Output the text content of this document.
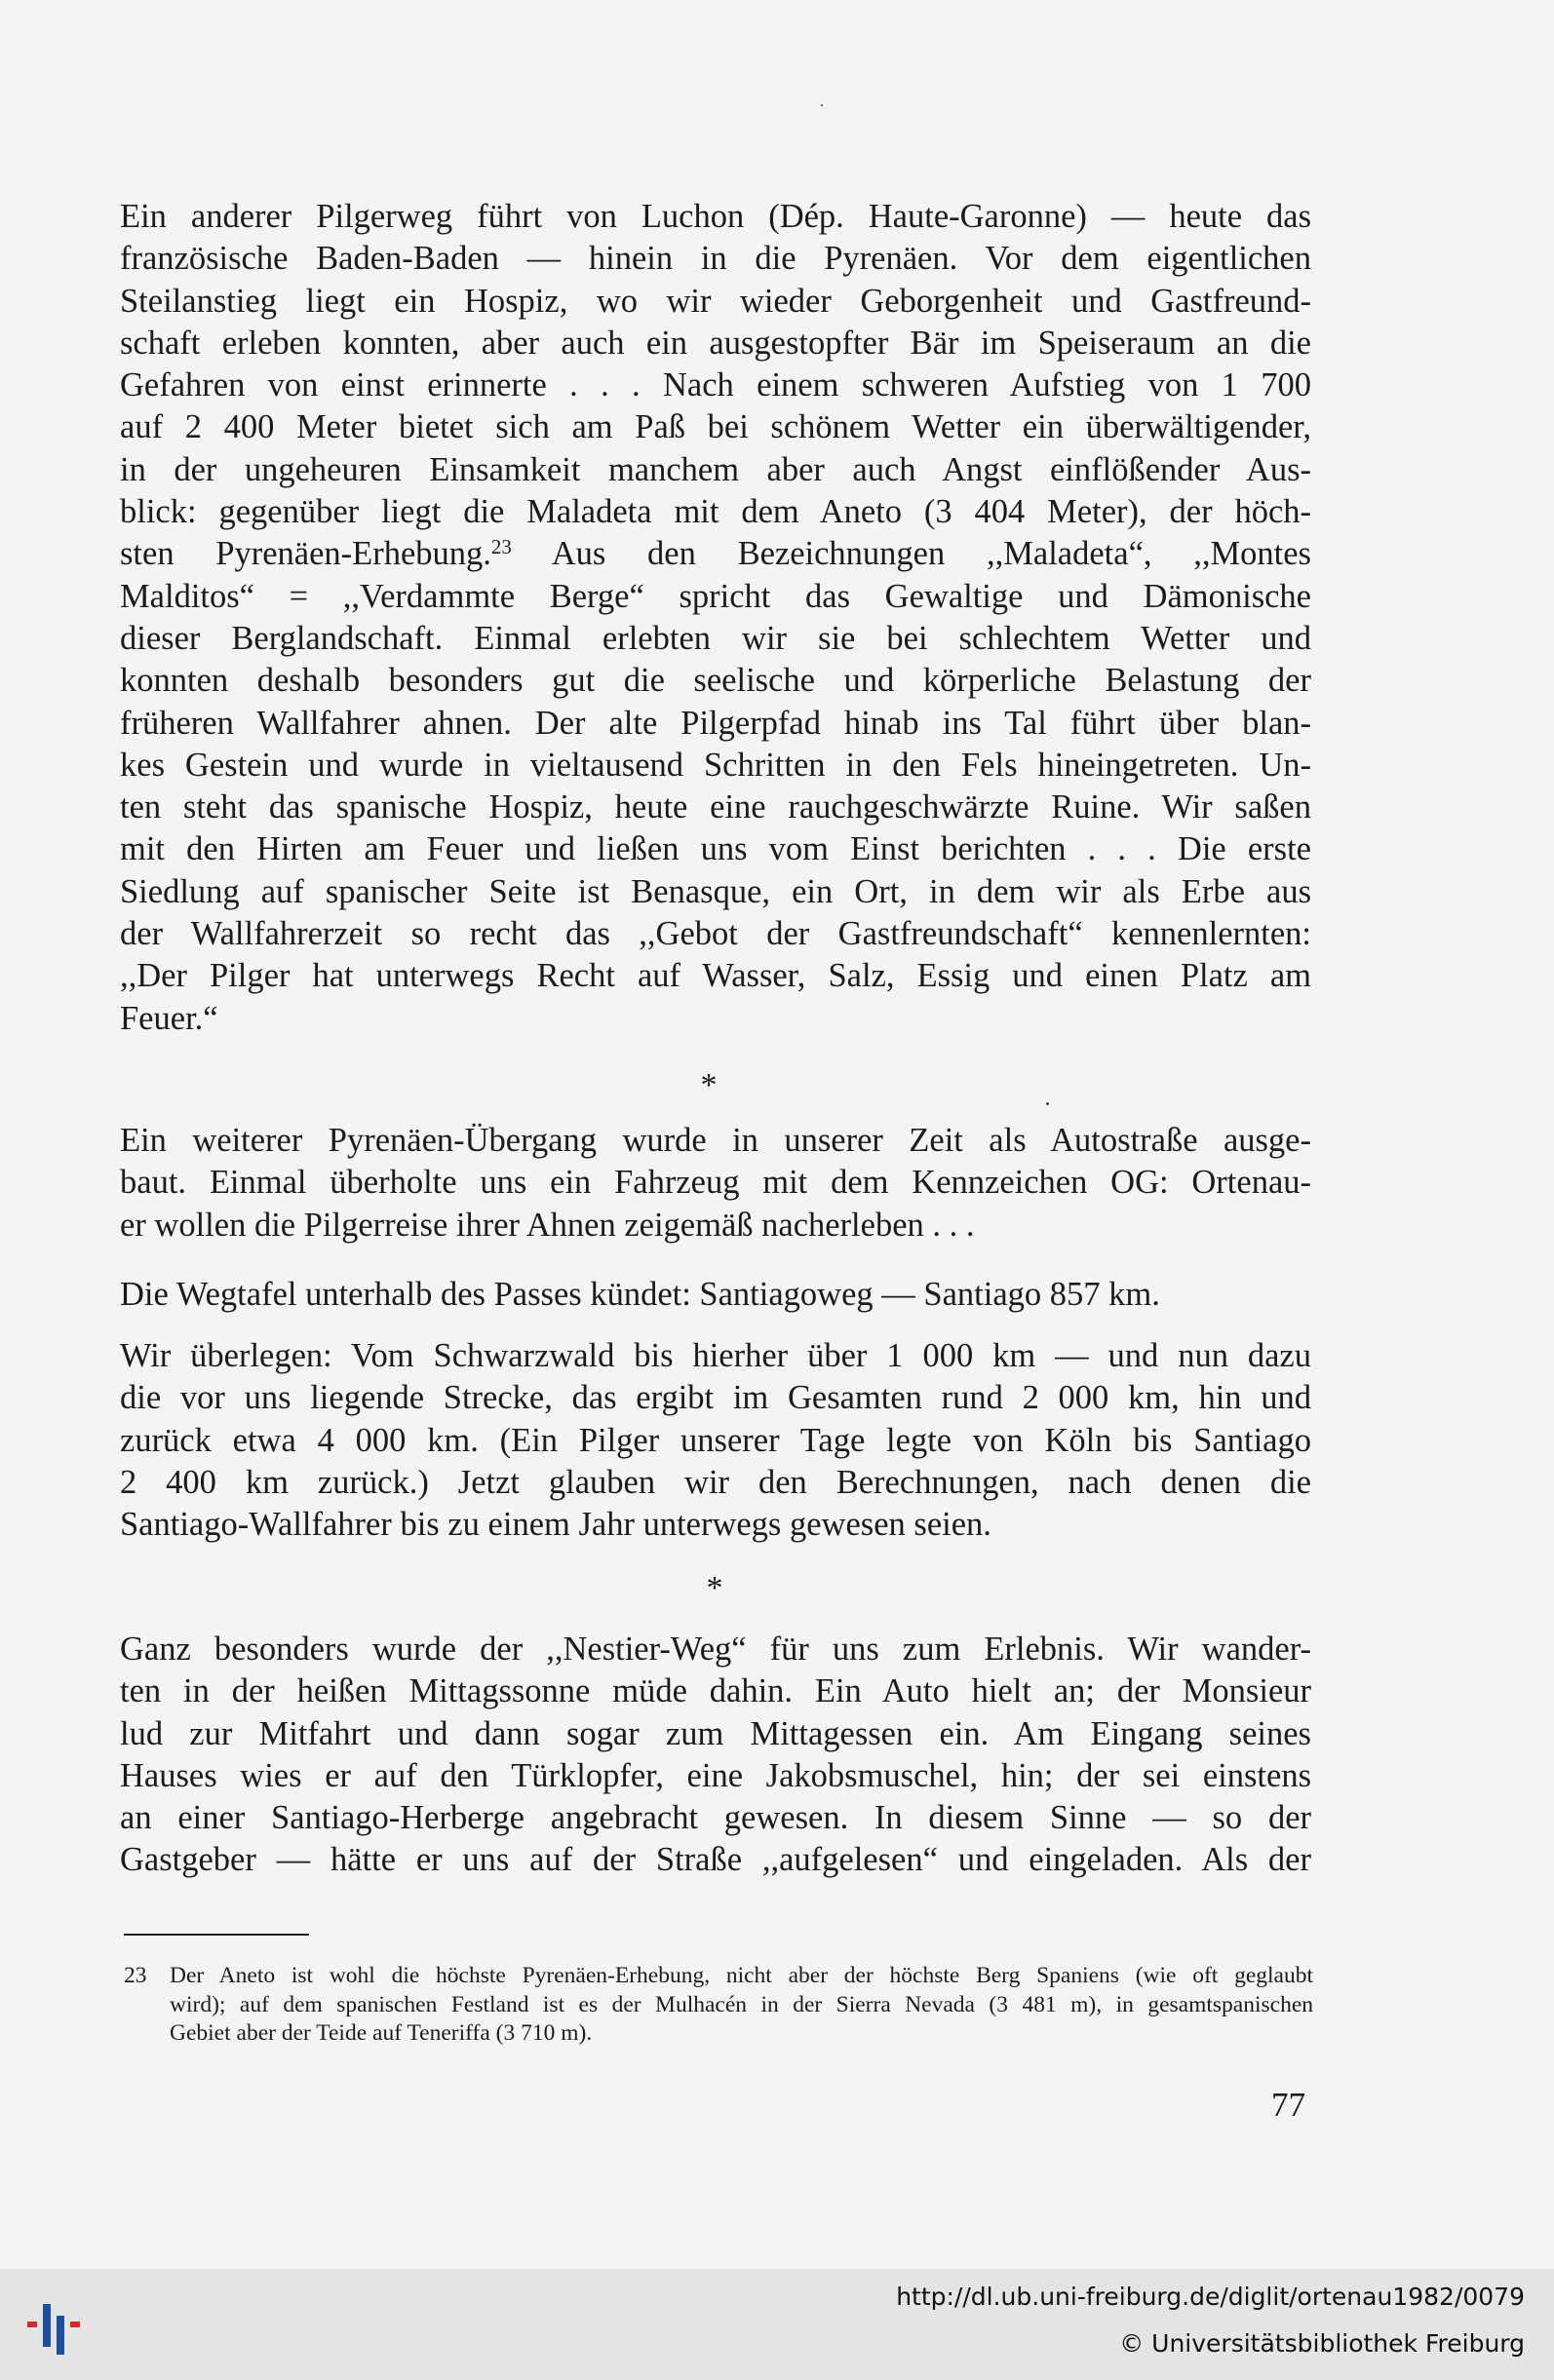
Ein anderer Pilgerweg führt von Luchon (Dép. Haute-Garonne) — heute das
französische Baden-Baden — hinein in die Pyrenäen. Vor dem eigentlichen
Steilanstieg liegt ein Hospiz, wo wir wieder Geborgenheit und Gastfreund-
schaft erleben konnten, aber auch ein ausgestopfter Bär im Speiseraum an die
Gefahren von einst erinnerte . . . Nach einem schweren Aufstieg von 1 700
auf 2 400 Meter bietet sich am Paß bei schönem Wetter ein überwältigender,
in der ungeheuren Einsamkeit manchem aber auch Angst einflößender Aus-
blick: gegenüber liegt die Maladeta mit dem Aneto (3 404 Meter), der höch-
sten Pyrenäen-Erhebung.$^{23}$ Aus den Bezeichnungen ,,Maladeta“, ,,Montes
Malditos“ = ,,Verdammte Berge“ spricht das Gewaltige und Dämonische
dieser Berglandschaft. Einmal erlebten wir sie bei schlechtem Wetter und
konnten deshalb besonders gut die seelische und körperliche Belastung der
früheren Wallfahrer ahnen. Der alte Pilgerpfad hinab ins Tal führt über blan-
kes Gestein und wurde in vieltausend Schritten in den Fels hineingetreten. Un-
ten steht das spanische Hospiz, heute eine rauchgeschwärzte Ruine. Wir saßen
mit den Hirten am Feuer und ließen uns vom Einst berichten . . . Die erste
Siedlung auf spanischer Seite ist Benasque, ein Ort, in dem wir als Erbe aus
der Wallfahrerzeit so recht das ,,Gebot der Gastfreundschaft“ kennenlernten:
,,Der Pilger hat unterwegs Recht auf Wasser, Salz, Essig und einen Platz am
Feuer.“
*
Ein weiterer Pyrenäen-Übergang wurde in unserer Zeit als Autostraße ausge-
baut. Einmal überholte uns ein Fahrzeug mit dem Kennzeichen OG: Ortenau-
er wollen die Pilgerreise ihrer Ahnen zeigemäß nacherleben . . .
Die Wegtafel unterhalb des Passes kündet: Santiagoweg — Santiago 857 km.
Wir überlegen: Vom Schwarzwald bis hierher über 1 000 km — und nun dazu
die vor uns liegende Strecke, das ergibt im Gesamten rund 2 000 km, hin und
zurück etwa 4 000 km. (Ein Pilger unserer Tage legte von Köln bis Santiago
2 400 km zurück.) Jetzt glauben wir den Berechnungen, nach denen die
Santiago-Wallfahrer bis zu einem Jahr unterwegs gewesen seien.
*
Ganz besonders wurde der ,,Nestier-Weg“ für uns zum Erlebnis. Wir wander-
ten in der heißen Mittagssonne müde dahin. Ein Auto hielt an; der Monsieur
lud zur Mitfahrt und dann sogar zum Mittagessen ein. Am Eingang seines
Hauses wies er auf den Türklopfer, eine Jakobsmuschel, hin; der sei einstens
an einer Santiago-Herberge angebracht gewesen. In diesem Sinne — so der
Gastgeber — hätte er uns auf der Straße ,,aufgelesen“ und eingeladen. Als der
23 Der Aneto ist wohl die höchste Pyrenäen-Erhebung, nicht aber der höchste Berg Spaniens (wie oft geglaubt
wird); auf dem spanischen Festland ist es der Mulhacén in der Sierra Nevada (3 481 m), in gesamtspanischen
Gebiet aber der Teide auf Teneriffa (3 710 m).
77
http://dl.ub.uni-freiburg.de/diglit/ortenau1982/0079
© Universitätsbibliothek Freiburg
